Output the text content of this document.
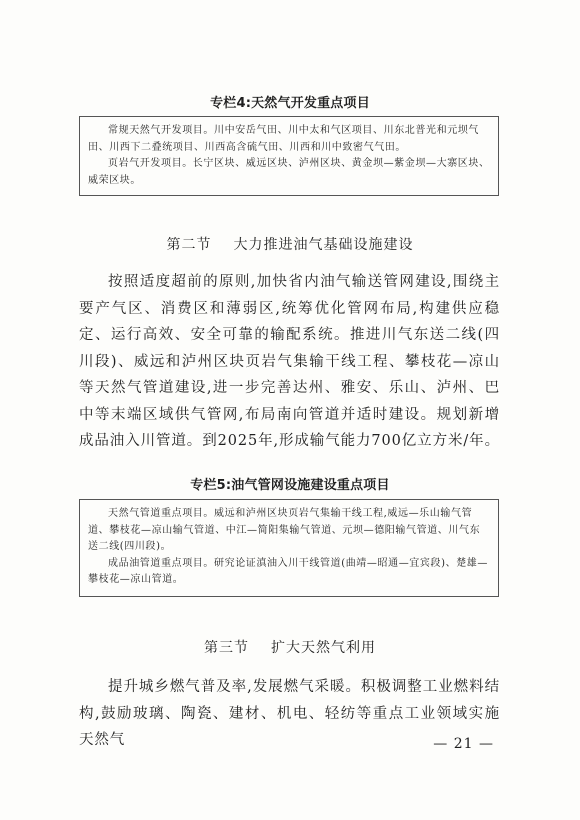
专栏4:天然气开发重点项目

常规天然气开发项目。川中安岳气田、川中太和气区项目、川东北普光和元坝气田、川西下二叠统项目、川西高含硫气田、川西和川中致密气气田。

页岩气开发项目。长宁区块、威远区块、泸州区块、黄金坝—紫金坝—大寨区块、威荣区块。

第二节 大力推进油气基础设施建设

按照适度超前的原则,加快省内油气输送管网建设,围绕主要产气区、消费区和薄弱区,统筹优化管网布局,构建供应稳定、运行高效、安全可靠的输配系统。推进川气东送二线(四川段)、威远和泸州区块页岩气集输干线工程、攀枝花—凉山等天然气管道建设,进一步完善达州、雅安、乐山、泸州、巴中等末端区域供气管网,布局南向管道并适时建设。规划新增成品油入川管道。到2025年,形成输气能力700亿立方米/年。

专栏5:油气管网设施建设重点项目

天然气管道重点项目。威远和泸州区块页岩气集输干线工程,威远—乐山输气管道、攀枝花—凉山输气管道、中江—简阳集输气管道、元坝—德阳输气管道、川气东送二线(四川段)。

成品油管道重点项目。研究论证滇油入川干线管道(曲靖—昭通—宜宾段)、楚雄—攀枝花—凉山管道。

第三节 扩大天然气利用

提升城乡燃气普及率,发展燃气采暖。积极调整工业燃料结构,鼓励玻璃、陶瓷、建材、机电、轻纺等重点工业领域实施天然气	— 21 —
